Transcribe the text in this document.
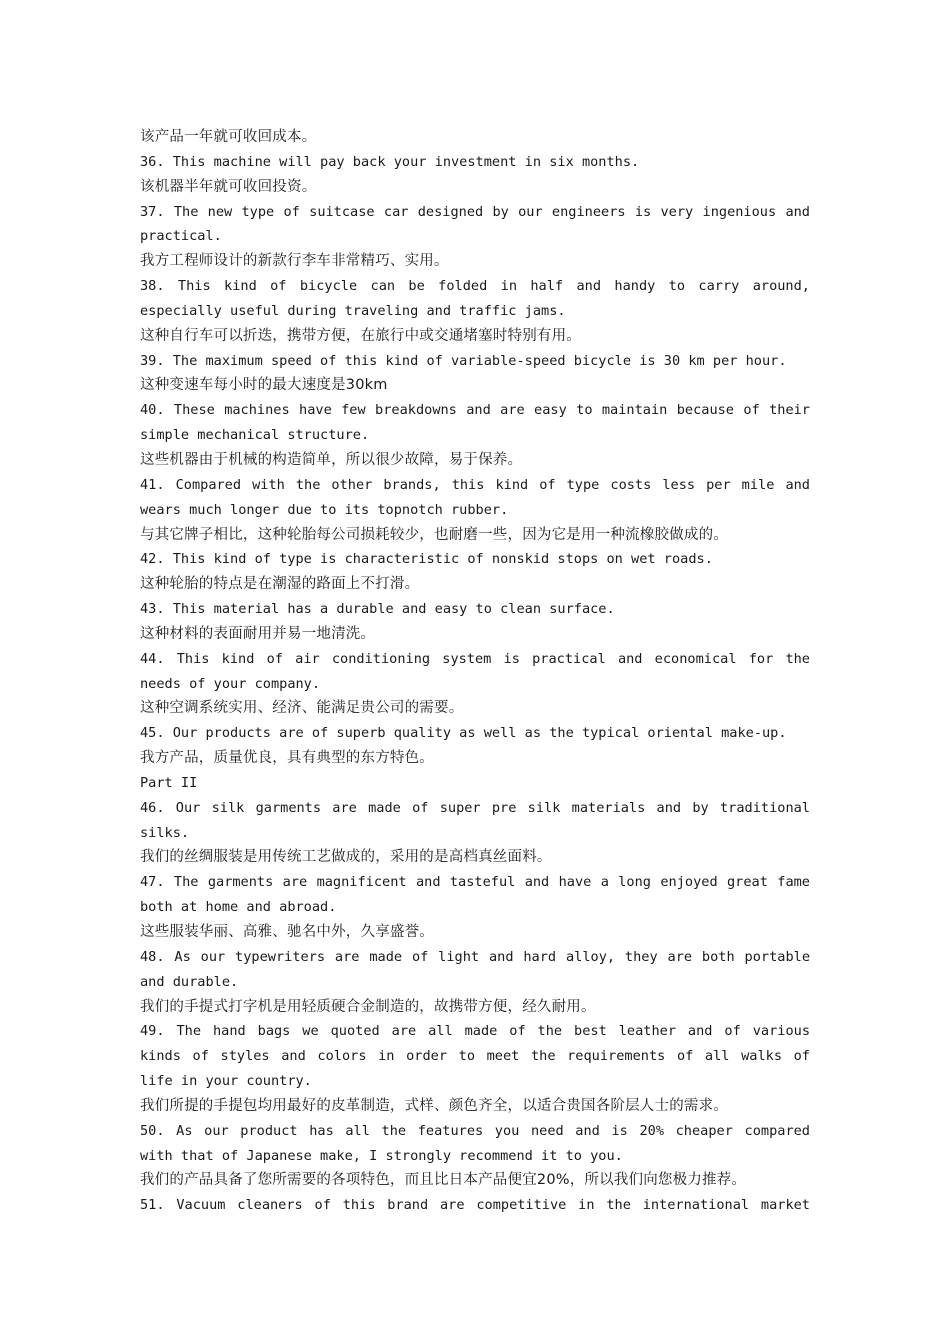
该产品一年就可收回成本。
36. This machine will pay back your investment in six months.
该机器半年就可收回投资。
37. The new type of suitcase car designed by our engineers is very ingenious and
practical.
我方工程师设计的新款行李车非常精巧、实用。
38. This kind of bicycle can be folded in half and handy to carry around,
especially useful during traveling and traffic jams.
这种自行车可以折迭，携带方便，在旅行中或交通堵塞时特别有用。
39. The maximum speed of this kind of variable-speed bicycle is 30 km per hour.
这种变速车每小时的最大速度是30km
40. These machines have few breakdowns and are easy to maintain because of their
simple mechanical structure.
这些机器由于机械的构造简单，所以很少故障，易于保养。
41. Compared with the other brands, this kind of type costs less per mile and
wears much longer due to its topnotch rubber.
与其它牌子相比，这种轮胎每公司损耗较少，也耐磨一些，因为它是用一种流橡胶做成的。
42. This kind of type is characteristic of nonskid stops on wet roads.
这种轮胎的特点是在潮湿的路面上不打滑。
43. This material has a durable and easy to clean surface.
这种材料的表面耐用并易一地清洗。
44. This kind of air conditioning system is practical and economical for the
needs of your company.
这种空调系统实用、经济、能满足贵公司的需要。
45. Our products are of superb quality as well as the typical oriental make-up.
我方产品，质量优良，具有典型的东方特色。
Part II
46. Our silk garments are made of super pre silk materials and by traditional
silks.
我们的丝绸服装是用传统工艺做成的，采用的是高档真丝面料。
47. The garments are magnificent and tasteful and have a long enjoyed great fame
both at home and abroad.
这些服装华丽、高雅、驰名中外，久享盛誉。
48. As our typewriters are made of light and hard alloy, they are both portable
and durable.
我们的手提式打字机是用轻质硬合金制造的，故携带方便，经久耐用。
49. The hand bags we quoted are all made of the best leather and of various
kinds of styles and colors in order to meet the requirements of all walks of
life in your country.
我们所提的手提包均用最好的皮革制造，式样、颜色齐全，以适合贵国各阶层人士的需求。
50. As our product has all the features you need and is 20% cheaper compared
with that of Japanese make, I strongly recommend it to you.
我们的产品具备了您所需要的各项特色，而且比日本产品便宜20%，所以我们向您极力推荐。
51. Vacuum cleaners of this brand are competitive in the international market
